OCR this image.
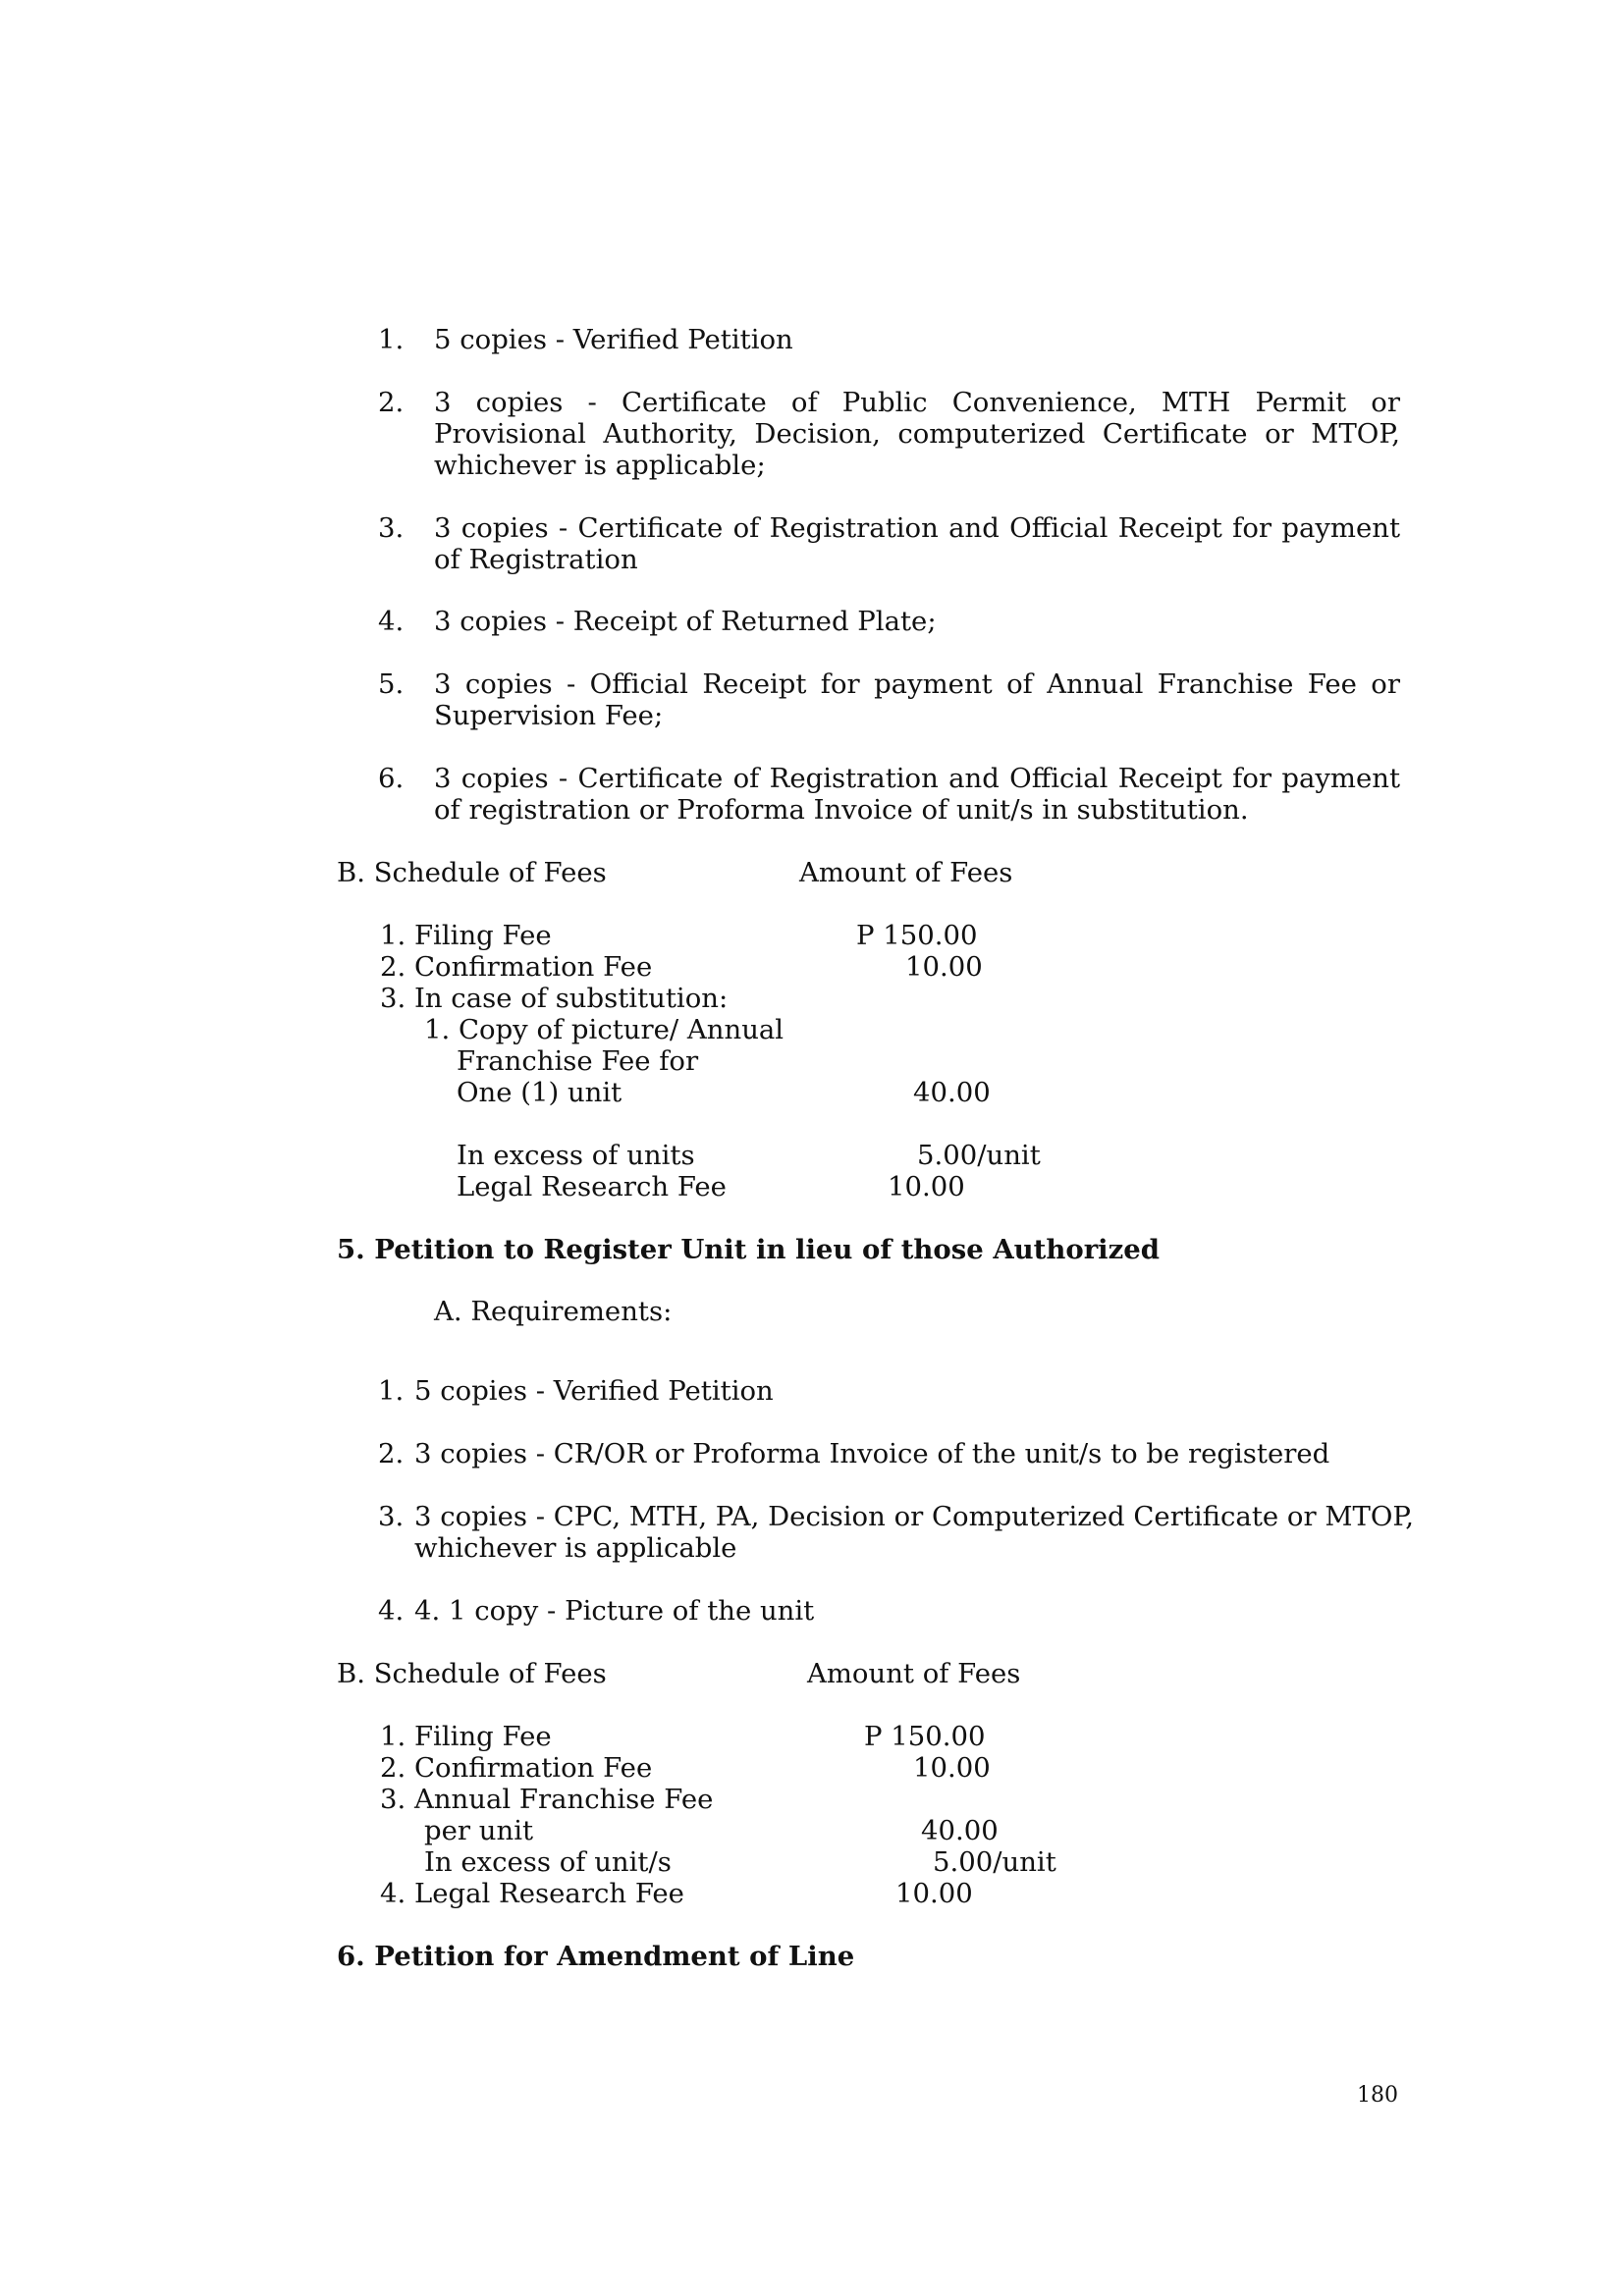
1. 5 copies - Verified Petition
2. 3 copies - Certificate of Public Convenience, MTH Permit or Provisional Authority, Decision, computerized Certificate or MTOP, whichever is applicable;
3. 3 copies - Certificate of Registration and Official Receipt for payment of Registration
4. 3 copies - Receipt of Returned Plate;
5. 3 copies - Official Receipt for payment of Annual Franchise Fee or Supervision Fee;
6. 3 copies - Certificate of Registration and Official Receipt for payment of registration or Proforma Invoice of unit/s in substitution.
B. Schedule of Fees	Amount of Fees
1. Filing Fee	P 150.00
2. Confirmation Fee	10.00
3. In case of substitution:
1. Copy of picture/ Annual
Franchise Fee for
One (1) unit	40.00
In excess of units	5.00/unit
Legal Research Fee	10.00
5. Petition to Register Unit in lieu of those Authorized
A. Requirements:
1. 5 copies - Verified Petition
2. 3 copies - CR/OR or Proforma Invoice of the unit/s to be registered
3. 3 copies - CPC, MTH, PA, Decision or Computerized Certificate or MTOP,
whichever is applicable
4. 4. 1 copy - Picture of the unit
B. Schedule of Fees	Amount of Fees
1. Filing Fee	P 150.00
2. Confirmation Fee	10.00
3. Annual Franchise Fee
per unit	40.00
In excess of unit/s	5.00/unit
4. Legal Research Fee	10.00
6. Petition for Amendment of Line
180
